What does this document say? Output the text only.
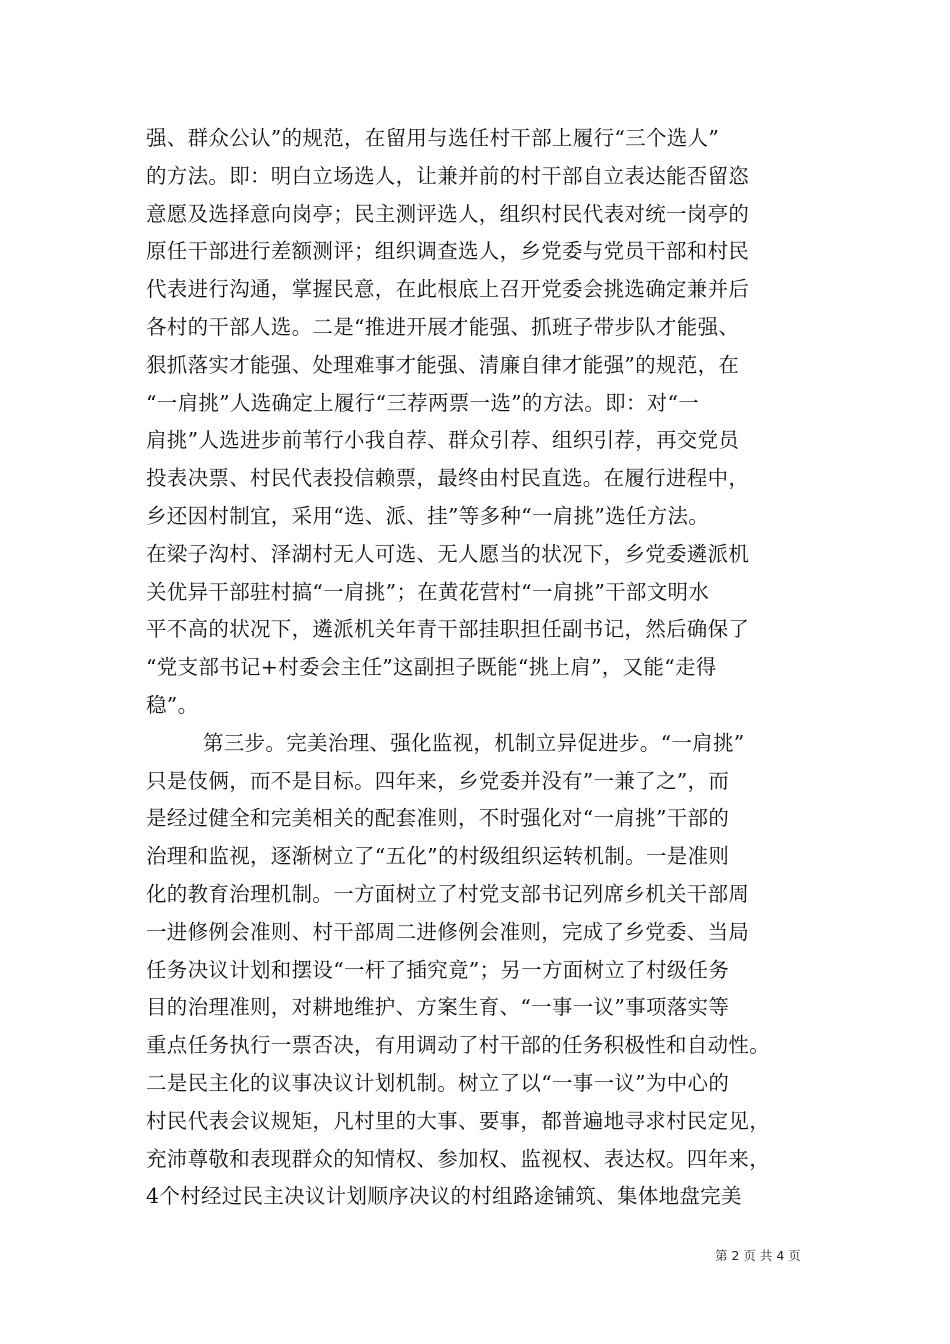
强、群众公认”的规范，在留用与选任村干部上履行“三个选人”
的方法。即：明白立场选人，让兼并前的村干部自立表达能否留恣
意愿及选择意向岗亭；民主测评选人，组织村民代表对统一岗亭的
原任干部进行差额测评；组织调查选人，乡党委与党员干部和村民
代表进行沟通，掌握民意，在此根底上召开党委会挑选确定兼并后
各村的干部人选。二是“推进开展才能强、抓班子带步队才能强、
狠抓落实才能强、处理难事才能强、清廉自律才能强”的规范，在
“一肩挑”人选确定上履行“三荐两票一选”的方法。即：对“一
肩挑”人选进步前苇行小我自荐、群众引荐、组织引荐，再交党员
投表决票、村民代表投信赖票，最终由村民直选。在履行进程中，
乡还因村制宜，采用“选、派、挂”等多种“一肩挑”选任方法。
在梁子沟村、泽湖村无人可选、无人愿当的状况下，乡党委遴派机
关优异干部驻村搞“一肩挑”；在黄花营村“一肩挑”干部文明水
平不高的状况下，遴派机关年青干部挂职担任副书记，然后确保了
“党支部书记+村委会主任”这副担子既能“挑上肩”，又能“走得
稳”。
第三步。完美治理、强化监视，机制立异促进步。“一肩挑”
只是伎俩，而不是目标。四年来，乡党委并没有”一兼了之”，而
是经过健全和完美相关的配套准则，不时强化对“一肩挑”干部的
治理和监视，逐渐树立了“五化”的村级组织运转机制。一是准则
化的教育治理机制。一方面树立了村党支部书记列席乡机关干部周
一进修例会准则、村干部周二进修例会准则，完成了乡党委、当局
任务决议计划和摆设“一杆了插究竟”；另一方面树立了村级任务
目的治理准则，对耕地维护、方案生育、“一事一议”事项落实等
重点任务执行一票否决，有用调动了村干部的任务积极性和自动性。
二是民主化的议事决议计划机制。树立了以“一事一议”为中心的
村民代表会议规矩，凡村里的大事、要事，都普遍地寻求村民定见，
充沛尊敬和表现群众的知情权、参加权、监视权、表达权。四年来，
4个村经过民主决议计划顺序决议的村组路途铺筑、集体地盘完美
第 2 页 共 4 页
